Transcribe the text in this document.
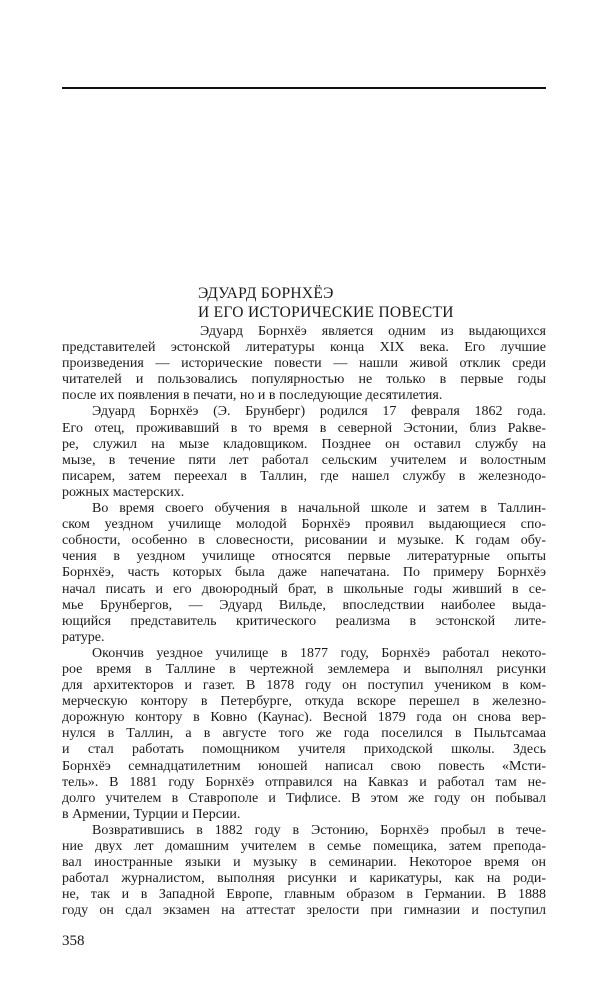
ЭДУАРД БОРНХЁЭ
И ЕГО ИСТОРИЧЕСКИЕ ПОВЕСТИ
Эдуард Борнхёэ является одним из выдающихся
представителей эстонской литературы конца XIX века. Его лучшие
произведения — исторические повести — нашли живой отклик среди
читателей и пользовались популярностью не только в первые годы
после их появления в печати, но и в последующие десятилетия.
Эдуард Борнхёэ (Э. Брунберг) родился 17 февраля 1862 года.
Его отец, проживавший в то время в северной Эстонии, близ Раkве-
ре, служил на мызе кладовщиком. Позднее он оставил службу на
мызе, в течение пяти лет работал сельским учителем и волостным
писарем, затем переехал в Таллин, где нашел службу в железнодо-
рожных мастерских.
Во время своего обучения в начальной школе и затем в Таллин-
ском уездном училище молодой Борнхёэ проявил выдающиеся спо-
собности, особенно в словесности, рисовании и музыке. К годам обу-
чения в уездном училище относятся первые литературные опыты
Борнхёэ, часть которых была даже напечатана. По примеру Борнхёэ
начал писать и его двоюродный брат, в школьные годы живший в се-
мье Брунбергов, — Эдуард Вильде, впоследствии наиболее выда-
ющийся представитель критического реализма в эстонской лите-
ратуре.
Окончив уездное училище в 1877 году, Борнхёэ работал некото-
рое время в Таллине в чертежной землемера и выполнял рисунки
для архитекторов и газет. В 1878 году он поступил учеником в ком-
мерческую контору в Петербурге, откуда вскоре перешел в железно-
дорожную контору в Ковно (Каунас). Весной 1879 года он снова вер-
нулся в Таллин, а в августе того же года поселился в Пыльтсамаа
и стал работать помощником учителя приходской школы. Здесь
Борнхёэ семнадцатилетним юношей написал свою повесть «Мсти-
тель». В 1881 году Борнхёэ отправился на Кавказ и работал там не-
долго учителем в Ставрополе и Тифлисе. В этом же году он побывал
в Армении, Турции и Персии.
Возвратившись в 1882 году в Эстонию, Борнхёэ пробыл в тече-
ние двух лет домашним учителем в семье помещика, затем препода-
вал иностранные языки и музыку в семинарии. Некоторое время он
работал журналистом, выполняя рисунки и карикатуры, как на роди-
не, так и в Западной Европе, главным образом в Германии. В 1888
году он сдал экзамен на аттестат зрелости при гимназии и поступил
358
